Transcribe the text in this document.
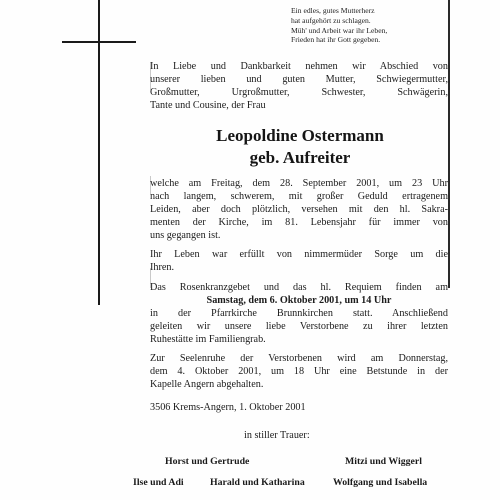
Ein edles, gutes Mutterherz
hat aufgehört zu schlagen.
Müh' und Arbeit war ihr Leben,
Frieden hat ihr Gott gegeben.
In Liebe und Dankbarkeit nehmen wir Abschied von
unserer lieben und guten Mutter, Schwiegermutter,
Großmutter, Urgroßmutter, Schwester, Schwägerin,
Tante und Cousine, der Frau
Leopoldine Ostermann
geb. Aufreiter
welche am Freitag, dem 28. September 2001, um 23 Uhr
nach langem, schwerem, mit großer Geduld ertragenem
Leiden, aber doch plötzlich, versehen mit den hl. Sakra-
menten der Kirche, im 81. Lebensjahr für immer von
uns gegangen ist.
Ihr Leben war erfüllt von nimmermüder Sorge um die
Ihren.
Das Rosenkranzgebet und das hl. Requiem finden am
Samstag, dem 6. Oktober 2001, um 14 Uhr
in der Pfarrkirche Brunnkirchen statt. Anschließend
geleiten wir unsere liebe Verstorbene zu ihrer letzten
Ruhestätte im Familiengrab.
Zur Seelenruhe der Verstorbenen wird am Donnerstag,
dem 4. Oktober 2001, um 18 Uhr eine Betstunde in der
Kapelle Angern abgehalten.
3506 Krems-Angern, 1. Oktober 2001
in stiller Trauer:
Horst und Gertrude	Mitzi und Wiggerl
Ilse und Adi	Harald und Katharina	Wolfgang und Isabella
